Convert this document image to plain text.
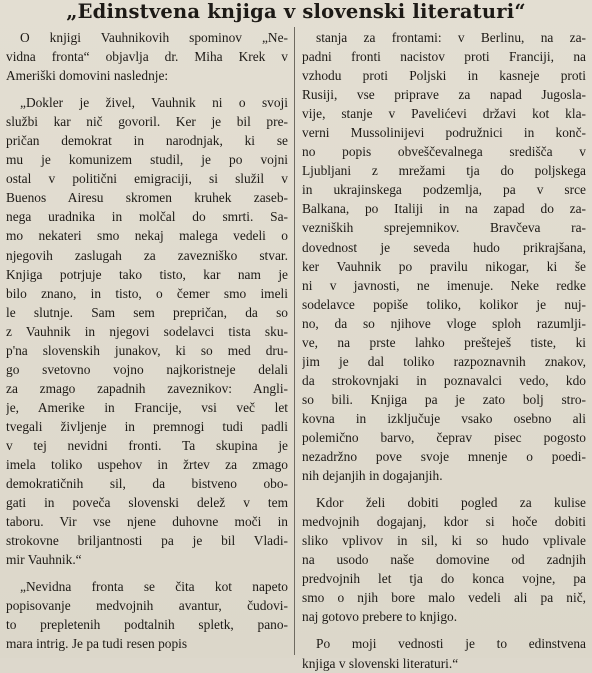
„Edinstvena knjiga v slovenski literaturi“

O knjigi Vauhnikovih spominov „Ne-
vidna fronta“ objavlja dr. Miha Krek v
Ameriški domovini naslednje:

„Dokler je živel, Vauhnik ni o svoji
službi kar nič govoril. Ker je bil pre-
pričan demokrat in narodnjak, ki se
mu je komunizem studil, je po vojni
ostal v politični emigraciji, si služil v
Buenos Airesu skromen kruhek zaseb-
nega uradnika in molčal do smrti. Sa-
mo nekateri smo nekaj malega vedeli o
njegovih zaslugah za zavezniško stvar.
Knjiga potrjuje tako tisto, kar nam je
bilo znano, in tisto, o čemer smo imeli
le slutnje. Sam sem prepričan, da so
z Vauhnik in njegovi sodelavci tista sku-
p'na slovenskih junakov, ki so med dru-
go svetovno vojno najkoristneje delali
za zmago zapadnih zaveznikov: Angli-
je, Amerike in Francije, vsi več let
tvegali življenje in premnogi tudi padli
v tej nevidni fronti. Ta skupina je
imela toliko uspehov in žrtev za zmago
demokratičnih sil, da bistveno obo-
gati in poveča slovenski delež v tem
taboru. Vir vse njene duhovne moči in
strokovne briljantnosti pa je bil Vladi-
mir Vauhnik.“

„Nevidna fronta se čita kot napeto
popisovanje medvojnih avantur, čudovi-
to prepletenih podtalnih spletk, pano-
mara intrig. Je pa tudi resen popis

stanja za frontami: v Berlinu, na za-
padni fronti nacistov proti Franciji, na
vzhodu proti Poljski in kasneje proti
Rusiji, vse priprave za napad Jugosla-
vije, stanje v Pavelićevi državi kot kla-
verni Mussolinijevi podružnici in konč-
no popis obveščevalnega središča v
Ljubljani z mrežami tja do poljskega
in ukrajinskega podzemlja, pa v srce
Balkana, po Italiji in na zapad do za-
vezniških sprejemnikov. Bravčeva ra-
dovednost je seveda hudo prikrajšana,
ker Vauhnik po pravilu nikogar, ki še
ni v javnosti, ne imenuje. Neke redke
sodelavce popiše toliko, kolikor je nuj-
no, da so njihove vloge sploh razumlji-
ve, na prste lahko prešteješ tiste, ki
jim je dal toliko razpoznavnih znakov,
da strokovnjaki in poznavalci vedo, kdo
so bili. Knjiga pa je zato bolj stro-
kovna in izključuje vsako osebno ali
polemično barvo, čeprav pisec pogosto
nezadržno pove svoje mnenje o poedi-
nih dejanjih in dogajanjih.

Kdor želi dobiti pogled za kulise
medvojnih dogajanj, kdor si hoče dobiti
sliko vplivov in sil, ki so hudo vplivale
na usodo naše domovine od zadnjih
predvojnih let tja do konca vojne, pa
smo o njih bore malo vedeli ali pa nič,
naj gotovo prebere to knjigo.

Po moji vednosti je to edinstvena
knjiga v slovenski literaturi.“
